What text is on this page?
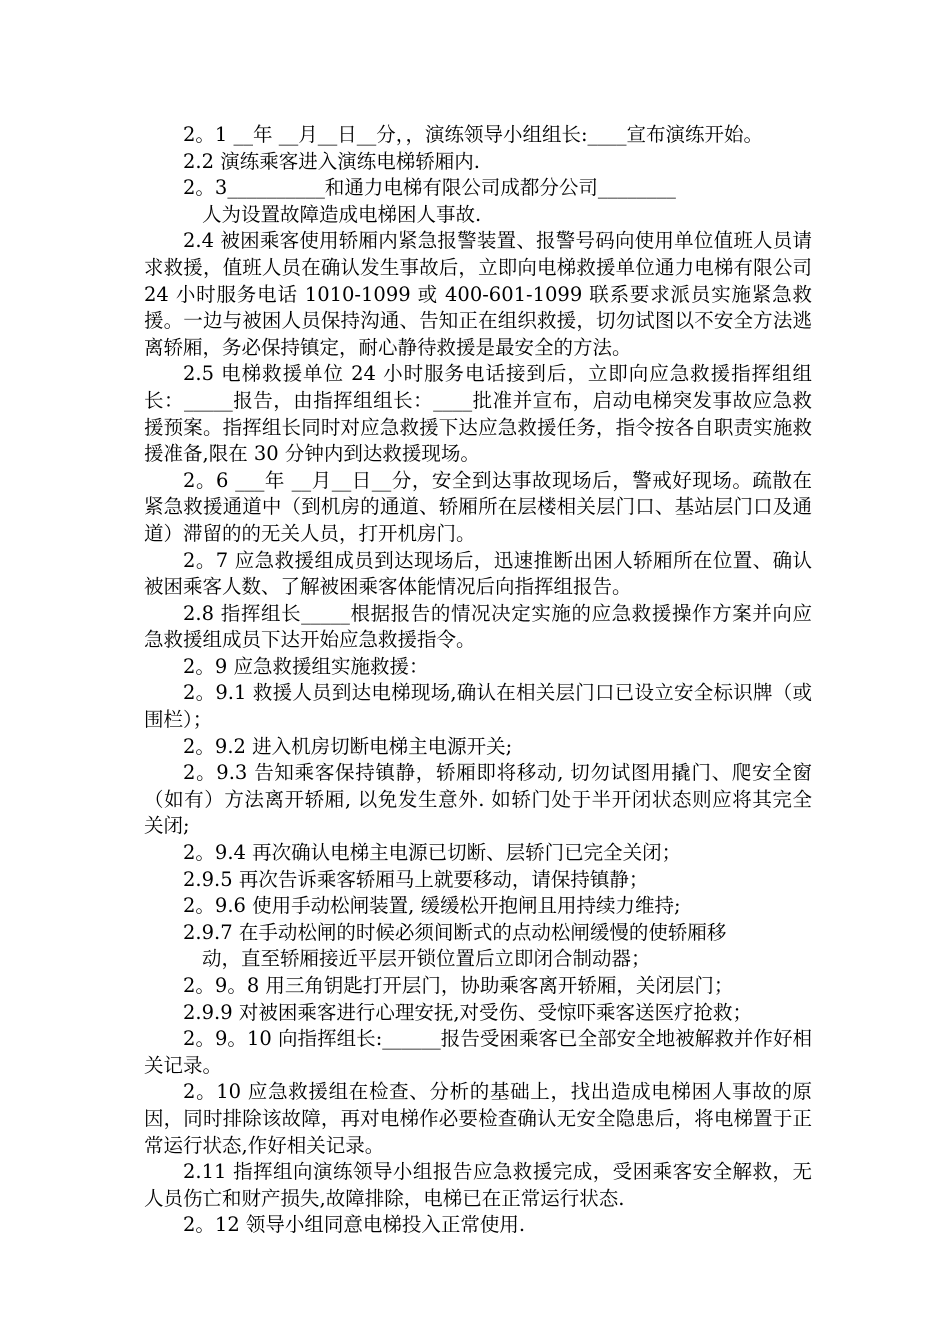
2。1 __年 __月__日__分，，演练领导小组组长:____宣布演练开始。

2.2 演练乘客进入演练电梯轿厢内.

2。3__________和通力电梯有限公司成都分公司________

人为设置故障造成电梯困人事故.

2.4 被困乘客使用轿厢内紧急报警装置、报警号码向使用单位值班人员请求救援，值班人员在确认发生事故后，立即向电梯救援单位通力电梯有限公司 24 小时服务电话 1010-1099 或 400-601-1099 联系要求派员实施紧急救援。一边与被困人员保持沟通、告知正在组织救援，切勿试图以不安全方法逃离轿厢，务必保持镇定，耐心静待救援是最安全的方法。

2.5 电梯救援单位 24 小时服务电话接到后，立即向应急救援指挥组组长：_____报告，由指挥组组长：____批准并宣布，启动电梯突发事故应急救援预案。指挥组长同时对应急救援下达应急救援任务，指令按各自职责实施救援准备,限在 30 分钟内到达救援现场。

2。6 ___年 __月__日__分，安全到达事故现场后，警戒好现场。疏散在紧急救援通道中（到机房的通道、轿厢所在层楼相关层门口、基站层门口及通道）滞留的的无关人员，打开机房门。

2。7 应急救援组成员到达现场后，迅速推断出困人轿厢所在位置、确认被困乘客人数、了解被困乘客体能情况后向指挥组报告。

2.8 指挥组长_____根据报告的情况决定实施的应急救援操作方案并向应急救援组成员下达开始应急救援指令。

2。9 应急救援组实施救援：

2。9.1 救援人员到达电梯现场,确认在相关层门口已设立安全标识牌（或围栏）；

2。9.2 进入机房切断电梯主电源开关;

2。9.3 告知乘客保持镇静，轿厢即将移动, 切勿试图用撬门、爬安全窗（如有）方法离开轿厢, 以免发生意外. 如轿门处于半开闭状态则应将其完全关闭;

2。9.4 再次确认电梯主电源已切断、层轿门已完全关闭；

2.9.5 再次告诉乘客轿厢马上就要移动，请保持镇静；

2。9.6 使用手动松闸装置, 缓缓松开抱闸且用持续力维持;

2.9.7 在手动松闸的时候必须间断式的点动松闸缓慢的使轿厢移

动，直至轿厢接近平层开锁位置后立即闭合制动器；

2。9。8 用三角钥匙打开层门，协助乘客离开轿厢，关闭层门；

2.9.9 对被困乘客进行心理安抚,对受伤、受惊吓乘客送医疗抢救；

2。9。10 向指挥组长:______报告受困乘客已全部安全地被解救并作好相关记录。

2。10 应急救援组在检查、分析的基础上，找出造成电梯困人事故的原因，同时排除该故障，再对电梯作必要检查确认无安全隐患后，将电梯置于正常运行状态,作好相关记录。

2.11 指挥组向演练领导小组报告应急救援完成，受困乘客安全解救，无人员伤亡和财产损失,故障排除，电梯已在正常运行状态.

2。12 领导小组同意电梯投入正常使用.
